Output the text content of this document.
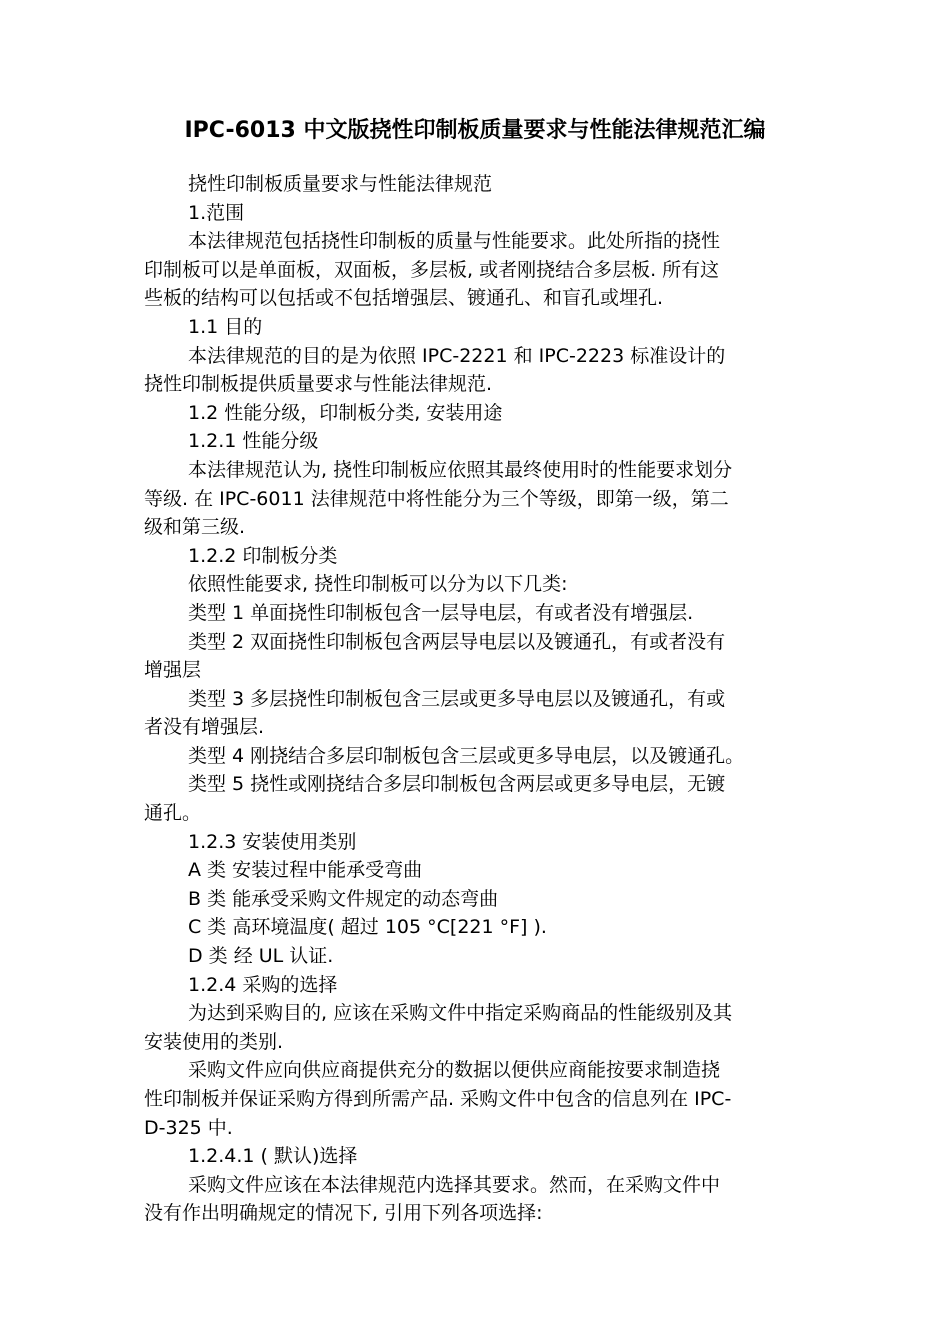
IPC-6013 中文版挠性印制板质量要求与性能法律规范汇编
挠性印制板质量要求与性能法律规范
1.范围
本法律规范包括挠性印制板的质量与性能要求。此处所指的挠性
印制板可以是单面板，双面板，多层板, 或者刚挠结合多层板. 所有这
些板的结构可以包括或不包括增强层、镀通孔、和盲孔或埋孔.
1.1 目的
本法律规范的目的是为依照 IPC-2221 和 IPC-2223 标准设计的
挠性印制板提供质量要求与性能法律规范.
1.2 性能分级，印制板分类, 安装用途
1.2.1 性能分级
本法律规范认为, 挠性印制板应依照其最终使用时的性能要求划分
等级. 在 IPC-6011 法律规范中将性能分为三个等级，即第一级，第二
级和第三级.
1.2.2 印制板分类
依照性能要求, 挠性印制板可以分为以下几类:
类型 1 单面挠性印制板包含一层导电层，有或者没有增强层.
类型 2 双面挠性印制板包含两层导电层以及镀通孔，有或者没有
增强层
类型 3 多层挠性印制板包含三层或更多导电层以及镀通孔，有或
者没有增强层.
类型 4 刚挠结合多层印制板包含三层或更多导电层，以及镀通孔。
类型 5 挠性或刚挠结合多层印制板包含两层或更多导电层，无镀
通孔。
1.2.3 安装使用类别
A 类 安装过程中能承受弯曲
B 类 能承受采购文件规定的动态弯曲
C 类 高环境温度( 超过 105 °C[221 °F] ).
D 类 经 UL 认证.
1.2.4 采购的选择
为达到采购目的, 应该在采购文件中指定采购商品的性能级别及其
安装使用的类别.
采购文件应向供应商提供充分的数据以便供应商能按要求制造挠
性印制板并保证采购方得到所需产品. 采购文件中包含的信息列在 IPC-
D-325 中.
1.2.4.1 ( 默认)选择
采购文件应该在本法律规范内选择其要求。然而，在采购文件中
没有作出明确规定的情况下, 引用下列各项选择:
